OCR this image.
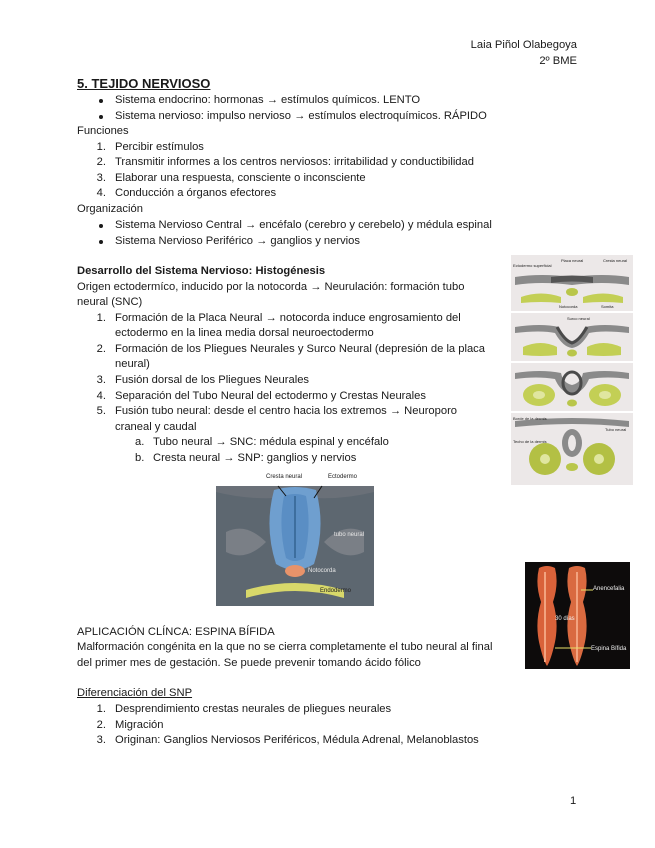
Laia Piñol Olabegoya
2º BME
5. TEJIDO NERVIOSO
Sistema endocrino: hormonas → estímulos químicos. LENTO
Sistema nervioso: impulso nervioso → estímulos electroquímicos. RÁPIDO
Funciones
1. Percibir estímulos
2. Transmitir informes a los centros nerviosos: irritabilidad y conductibilidad
3. Elaborar una respuesta, consciente o inconsciente
4. Conducción a órganos efectores
Organización
Sistema Nervioso Central → encéfalo (cerebro y cerebelo) y médula espinal
Sistema Nervioso Periférico → ganglios y nervios
Desarrollo del Sistema Nervioso: Histogénesis
Origen ectodermíco, inducido por la notocorda → Neurulación: formación tubo
neural (SNC)
1. Formación de la Placa Neural → notocorda induce engrosamiento del
ectodermo en la linea media dorsal neuroectodermo
2. Formación de los Pliegues Neurales y Surco Neural (depresión de la placa
neural)
3. Fusión dorsal de los Pliegues Neurales
4. Separación del Tubo Neural del ectodermo y Crestas Neurales
5. Fusión tubo neural: desde el centro hacia los extremos → Neuroporo
craneal y caudal
a. Tubo neural → SNC: médula espinal y encéfalo
b. Cresta neural → SNP: ganglios y nervios
Ectodermo superficial
Placa neural	Cresta neural
Notocorda	Somita
Surco neural
Borde de la dermis
Techo de la dermis
Tubo neural
Cresta neural	Ectodermo
tubo neural
Notocorda
Endodermo	Anencefalia
30 días
Espina Bífida
APLICACIÓN CLÍNCA: ESPINA BÍFIDA
Malformación congénita en la que no se cierra completamente el tubo neural al final
del primer mes de gestación. Se puede prevenir tomando ácido fólico
Diferenciación del SNP
1. Desprendimiento crestas neurales de pliegues neurales
2. Migración
3. Originan: Ganglios Nerviosos Periféricos, Médula Adrenal, Melanoblastos
1
